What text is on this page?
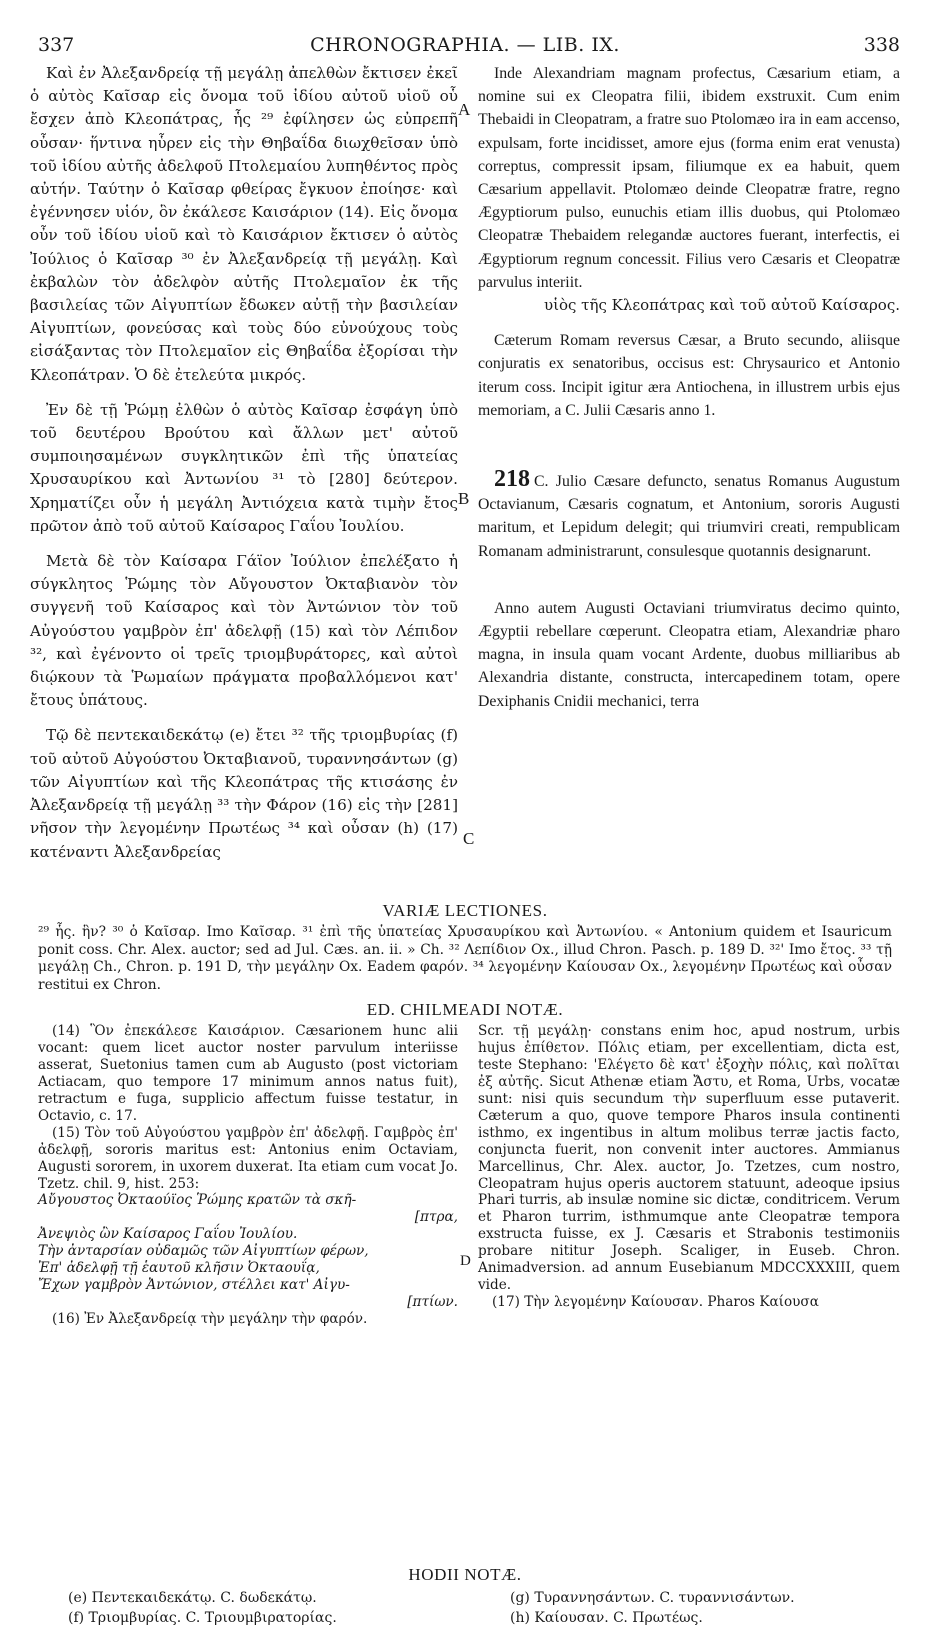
337	CHRONOGRAPHIA. — LIB. IX.	338

Καὶ ἐν Ἀλεξανδρείᾳ τῇ μεγάλῃ ἀπελθὼν ἔκτισεν ἐκεῖ ὁ αὐτὸς Καῖσαρ εἰς ὄνομα τοῦ ἰδίου αὐτοῦ υἱοῦ οὗ ἔσχεν ἀπὸ Κλεοπάτρας, ἧς ²⁹ ἐφίλησεν ὡς εὐπρεπῆ οὖσαν· ἥντινα ηὗρεν εἰς τὴν Θηβαΐδα διωχθεῖσαν ὑπὸ τοῦ ἰδίου αὐτῆς ἀδελφοῦ Πτολεμαίου λυπηθέντος πρὸς αὐτήν. Ταύτην ὁ Καῖσαρ φθείρας ἔγκυον ἐποίησε· καὶ ἐγέννησεν υἱόν, ὃν ἐκάλεσε Καισάριον (14). Εἰς ὄνομα οὖν τοῦ ἰδίου υἱοῦ καὶ τὸ Καισάριον ἔκτισεν ὁ αὐτὸς Ἰούλιος ὁ Καῖσαρ ³⁰ ἐν Ἀλεξανδρείᾳ τῇ μεγάλῃ. Καὶ ἐκβαλὼν τὸν ἀδελφὸν αὐτῆς Πτολεμαῖον ἐκ τῆς βασιλείας τῶν Αἰγυπτίων ἔδωκεν αὐτῇ τὴν βασιλείαν Αἰγυπτίων, φονεύσας καὶ τοὺς δύο εὐνούχους τοὺς εἰσάξαντας τὸν Πτολεμαῖον εἰς Θηβαΐδα ἐξορίσαι τὴν Κλεοπάτραν. Ὁ δὲ ἐτελεύτα μικρός.

Ἐν δὲ τῇ Ῥώμῃ ἐλθὼν ὁ αὐτὸς Καῖσαρ ἐσφάγη ὑπὸ τοῦ δευτέρου Βρούτου καὶ ἄλλων μετ' αὐτοῦ συμποιησαμένων συγκλητικῶν ἐπὶ τῆς ὑπατείας Χρυσαυρίκου καὶ Ἀντωνίου ³¹ τὸ [280] δεύτερον. Χρηματίζει οὖν ἡ μεγάλη Ἀντιόχεια κατὰ τιμὴν ἔτος πρῶτον ἀπὸ τοῦ αὐτοῦ Καίσαρος Γαΐου Ἰουλίου.

Μετὰ δὲ τὸν Καίσαρα Γάϊον Ἰούλιον ἐπελέξατο ἡ σύγκλητος Ῥώμης τὸν Αὔγουστον Ὀκταβιανὸν τὸν συγγενῆ τοῦ Καίσαρος καὶ τὸν Ἀντώνιον τὸν τοῦ Αὐγούστου γαμβρὸν ἐπ' ἀδελφῇ (15) καὶ τὸν Λέπιδον ³², καὶ ἐγένοντο οἱ τρεῖς τριομβυράτορες, καὶ αὐτοὶ διῴκουν τὰ Ῥωμαίων πράγματα προβαλλόμενοι κατ' ἔτους ὑπάτους.

Τῷ δὲ πεντεκαιδεκάτῳ (e) ἔτει ³² τῆς τριομβυρίας (f) τοῦ αὐτοῦ Αὐγούστου Ὀκταβιανοῦ, τυραννησάντων (g) τῶν Αἰγυπτίων καὶ τῆς Κλεοπάτρας τῆς κτισάσης ἐν Ἀλεξανδρείᾳ τῇ μεγάλῃ ³³ τὴν Φάρον (16) εἰς τὴν [281] νῆσον τὴν λεγομένην Πρωτέως ³⁴ καὶ οὖσαν (h) (17) κατέναντι Ἀλεξανδρείας

A
B
C

Inde Alexandriam magnam profectus, Cæsarium etiam, a nomine sui ex Cleopatra filii, ibidem exstruxit. Cum enim Thebaidi in Cleopatram, a fratre suo Ptolomæo ira in eam accenso, expulsam, forte incidisset, amore ejus (forma enim erat venusta) correptus, compressit ipsam, filiumque ex ea habuit, quem Cæsarium appellavit. Ptolomæo deinde Cleopatræ fratre, regno Ægyptiorum pulso, eunuchis etiam illis duobus, qui Ptolomæo Cleopatræ Thebaidem relegandæ auctores fuerant, interfectis, ei Ægyptiorum regnum concessit. Filius vero Cæsaris et Cleopatræ parvulus interiit.

υἱὸς τῆς Κλεοπάτρας καὶ τοῦ αὐτοῦ Καίσαρος.

Cæterum Romam reversus Cæsar, a Bruto secundo, aliisque conjuratis ex senatoribus, occisus est: Chrysaurico et Antonio iterum coss. Incipit igitur æra Antiochena, in illustrem urbis ejus memoriam, a C. Julii Cæsaris anno 1.

218 C. Julio Cæsare defuncto, senatus Romanus Augustum Octavianum, Cæsaris cognatum, et Antonium, sororis Augusti maritum, et Lepidum delegit; qui triumviri creati, rempublicam Romanam administrarunt, consulesque quotannis designarunt.

Anno autem Augusti Octaviani triumviratus decimo quinto, Ægyptii rebellare cœperunt. Cleopatra etiam, Alexandriæ pharo magna, in insula quam vocant Ardente, duobus milliaribus ab Alexandria distante, constructa, intercapedinem totam, opere Dexiphanis Cnidii mechanici, terra

VARIÆ LECTIONES.
²⁹ ἧς. ἣν? ³⁰ ὁ Καῖσαρ. Imo Καῖσαρ. ³¹ ἐπὶ τῆς ὑπατείας Χρυσαυρίκου καὶ Ἀντωνίου. « Antonium quidem et Isauricum ponit coss. Chr. Alex. auctor; sed ad Jul. Cæs. an. ii. » Ch. ³² Λεπίδιον Ox., illud Chron. Pasch. p. 189 D. ³²' Imo ἔτος. ³³ τῇ μεγάλῃ Ch., Chron. p. 191 D, τὴν μεγάλην Ox. Eadem φαρόν. ³⁴ λεγομένην Καίουσαν Ox., λεγομένην Πρωτέως καὶ οὖσαν restitui ex Chron.
ED. CHILMEADI NOTÆ.

(14) Ὃν ἐπεκάλεσε Καισάριον. Cæsarionem hunc alii vocant: quem licet auctor noster parvulum interiisse asserat, Suetonius tamen cum ab Augusto (post victoriam Actiacam, quo tempore 17 minimum annos natus fuit), retractum e fuga, supplicio affectum fuisse testatur, in Octavio, c. 17.

(15) Τὸν τοῦ Αὐγούστου γαμβρὸν ἐπ' ἀδελφῇ. Γαμβρὸς ἐπ' ἀδελφῇ, sororis maritus est: Antonius enim Octaviam, Augusti sororem, in uxorem duxerat. Ita etiam cum vocat Jo. Tzetz. chil. 9, hist. 253:

Αὔγουστος Ὀκταούϊος Ῥώμης κρατῶν τὰ σκῆ-
[πτρα,
Ἀνεψιὸς ὢν Καίσαρος Γαΐου Ἰουλίου.
Τὴν ἀνταρσίαν οὐδαμῶς τῶν Αἰγυπτίων φέρων,
Ἐπ' ἀδελφῇ τῇ ἑαυτοῦ κλῆσιν Ὀκταουΐᾳ,
Ἔχων γαμβρὸν Ἀντώνιον, στέλλει κατ' Αἰγυ-
[πτίων.

(16) Ἐν Ἀλεξανδρείᾳ τὴν μεγάλην τὴν φαρόν.

D

Scr. τῇ μεγάλῃ· constans enim hoc, apud nostrum, urbis hujus ἐπίθετον. Πόλις etiam, per excellentiam, dicta est, teste Stephano: 'Ελέγετο δὲ κατ' ἐξοχὴν πόλις, καὶ πολῖται ἐξ αὐτῆς. Sicut Athenæ etiam Ἄστυ, et Roma, Urbs, vocatæ sunt: nisi quis secundum τὴν superfluum esse putaverit. Cæterum a quo, quove tempore Pharos insula continenti isthmo, ex ingentibus in altum molibus terræ jactis facto, conjuncta fuerit, non convenit inter auctores. Ammianus Marcellinus, Chr. Alex. auctor, Jo. Tzetzes, cum nostro, Cleopatram hujus operis auctorem statuunt, adeoque ipsius Phari turris, ab insulæ nomine sic dictæ, conditricem. Verum et Pharon turrim, isthmumque ante Cleopatræ tempora exstructa fuisse, ex J. Cæsaris et Strabonis testimoniis probare nititur Joseph. Scaliger, in Euseb. Chron. Animadversion. ad annum Eusebianum MDCCXXXIII, quem vide.

(17) Τὴν λεγομένην Καίουσαν. Pharos Καίουσα

HODII NOTÆ.
(e) Πεντεκαιδεκάτῳ. C. δωδεκάτῳ.
(f) Τριομβυρίας. C. Τριουμβιρατορίας.
(g) Τυραννησάντων. C. τυραννισάντων.
(h) Καίουσαν. C. Πρωτέως.
